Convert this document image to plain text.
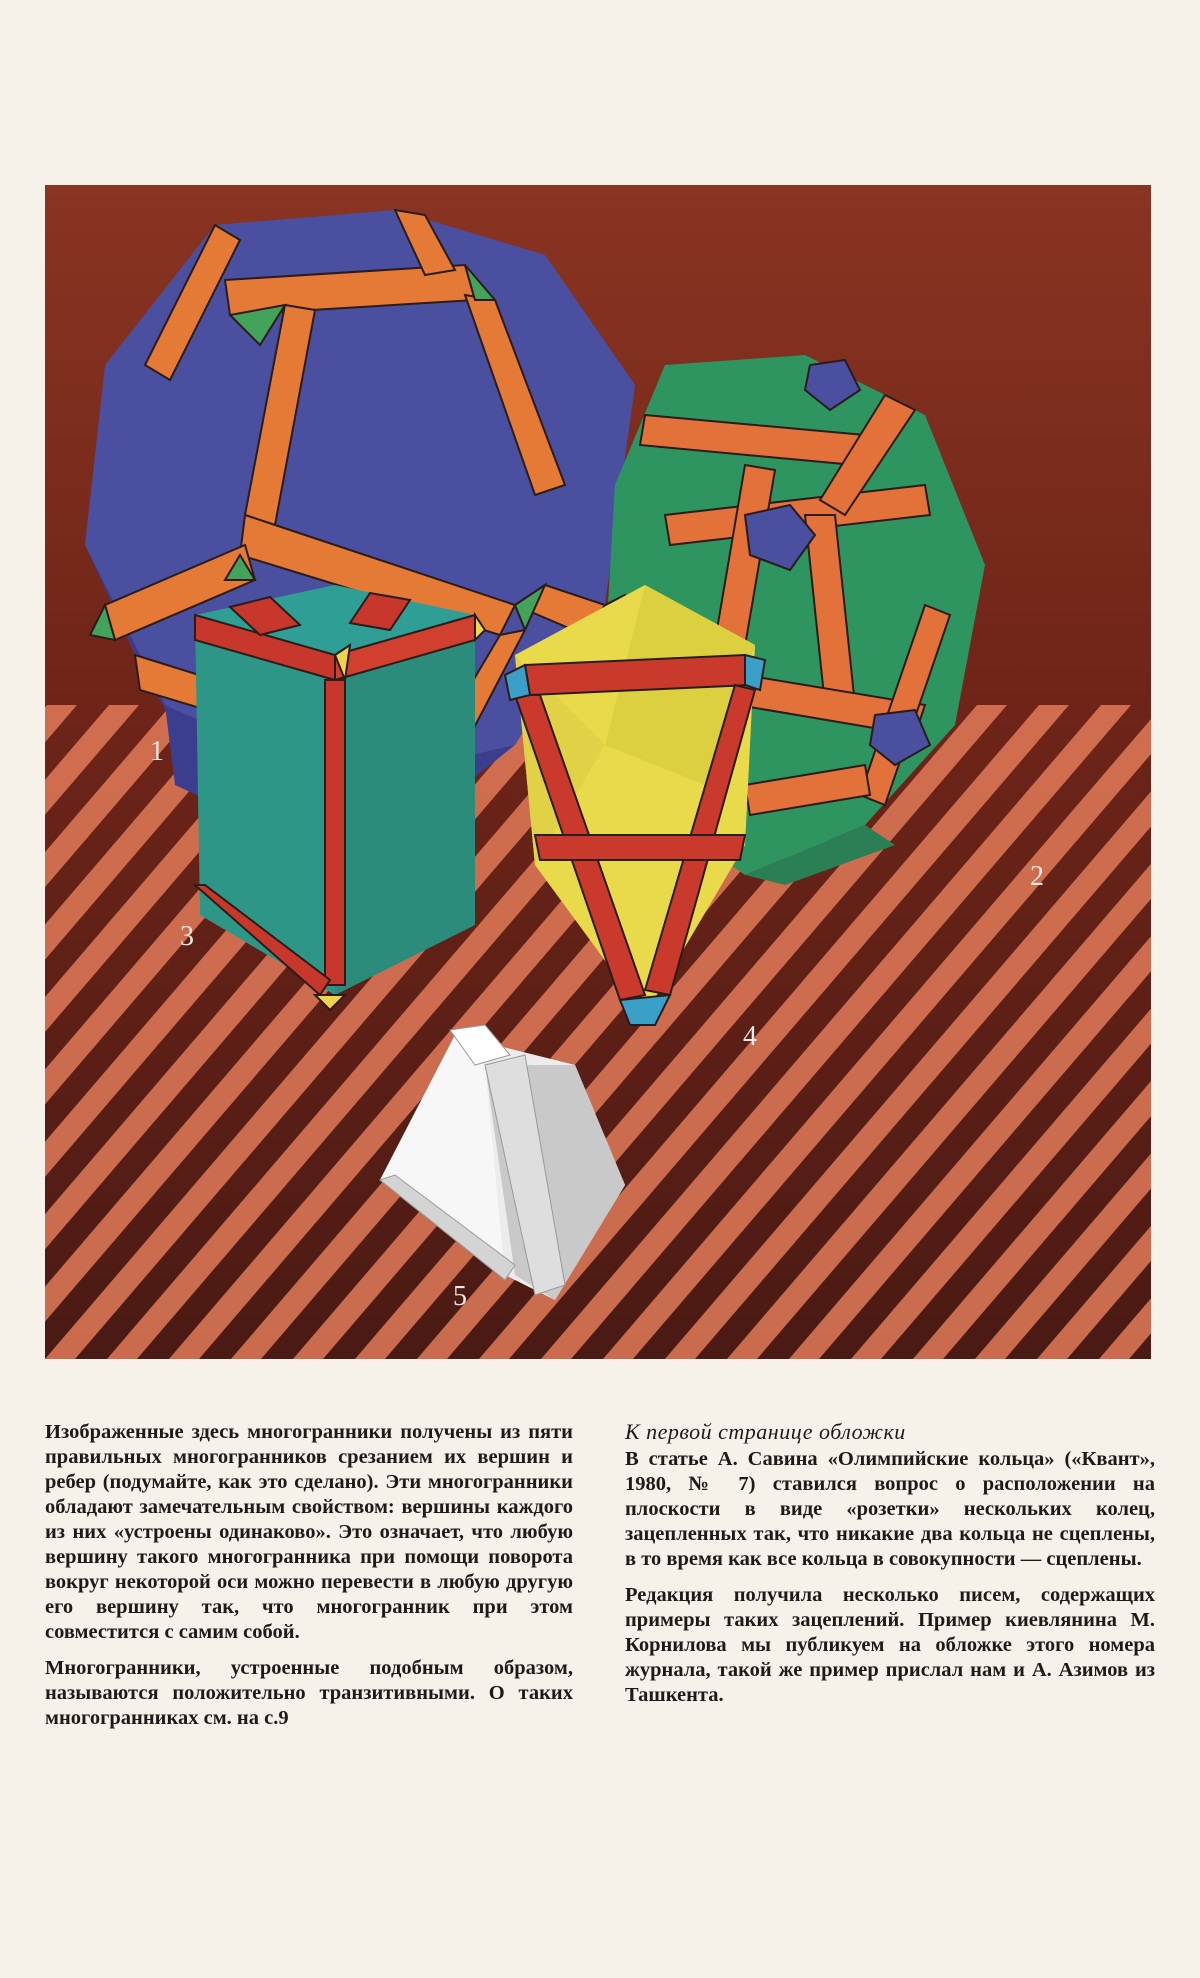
1
2
3
4
5

Изображенные здесь многогранники получены из пяти правильных многогранников срезанием их вершин и ребер (подумайте, как это сделано). Эти многогранники обладают замечательным свойством: вершины каждого из них «устроены одинаково». Это означает, что любую вершину такого многогранника при помощи поворота вокруг некоторой оси можно перевести в любую другую его вершину так, что многогранник при этом совместится с самим собой.

Многогранники, устроенные подобным образом, называются положительно транзитивными. О таких многогранниках см. на с.9

К первой странице обложки

В статье А. Савина «Олимпийские кольца» («Квант», 1980, № 7) ставился вопрос о расположении на плоскости в виде «розетки» нескольких колец, зацепленных так, что никакие два кольца не сцеплены, в то время как все кольца в совокупности — сцеплены.

Редакция получила несколько писем, содержащих примеры таких зацеплений. Пример киевлянина М. Корнилова мы публикуем на обложке этого номера журнала, такой же пример прислал нам и А. Азимов из Ташкента.
